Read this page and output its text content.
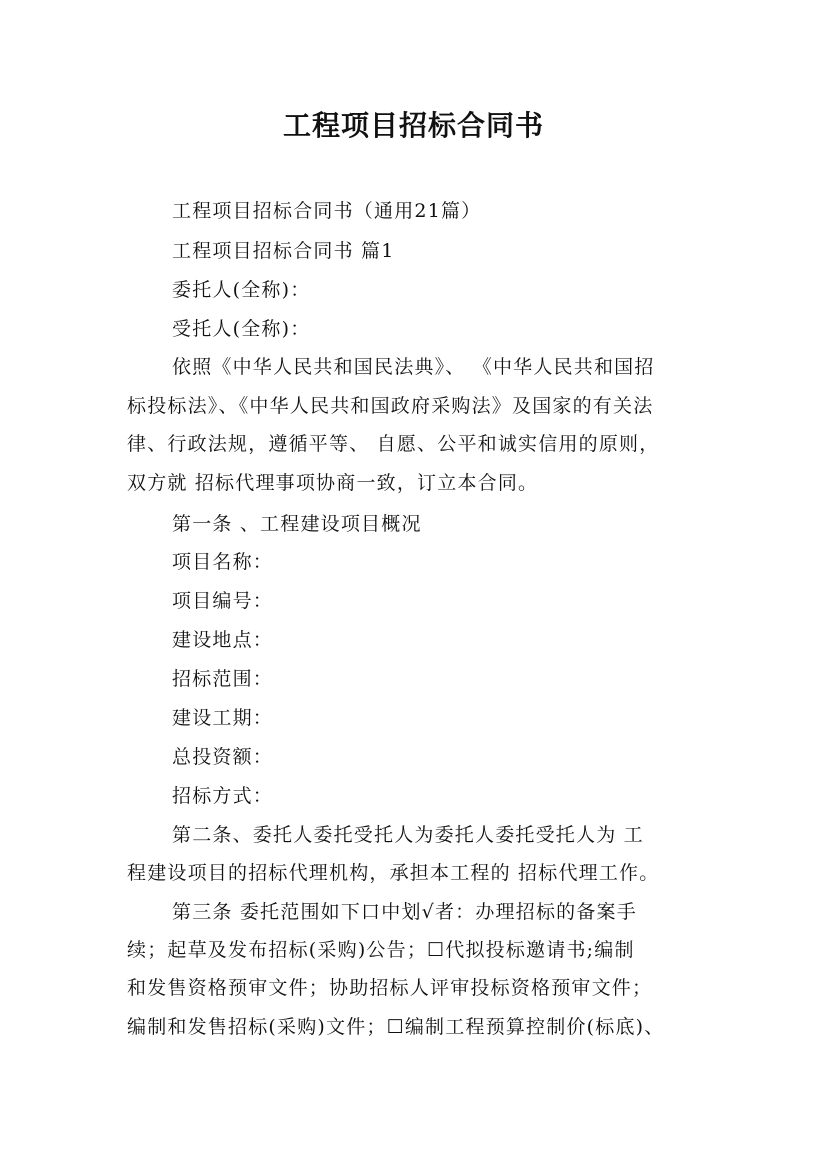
工程项目招标合同书
工程项目招标合同书（通用21篇）
工程项目招标合同书 篇1
委托人(全称)：
受托人(全称)：
依照《中华人民共和国民法典》、 《中华人民共和国招
标投标法》、《中华人民共和国政府采购法》及国家的有关法
律、行政法规，遵循平等、 自愿、公平和诚实信用的原则，
双方就 招标代理事项协商一致，订立本合同。
第一条 、工程建设项目概况
项目名称：
项目编号：
建设地点：
招标范围：
建设工期：
总投资额：
招标方式：
第二条、委托人委托受托人为委托人委托受托人为 工
程建设项目的招标代理机构，承担本工程的 招标代理工作。
第三条 委托范围如下口中划√者：办理招标的备案手
续；起草及发布招标(采购)公告；☐代拟投标邀请书;编制
和发售资格预审文件；协助招标人评审投标资格预审文件；
编制和发售招标(采购)文件；☐编制工程预算控制价(标底)、
